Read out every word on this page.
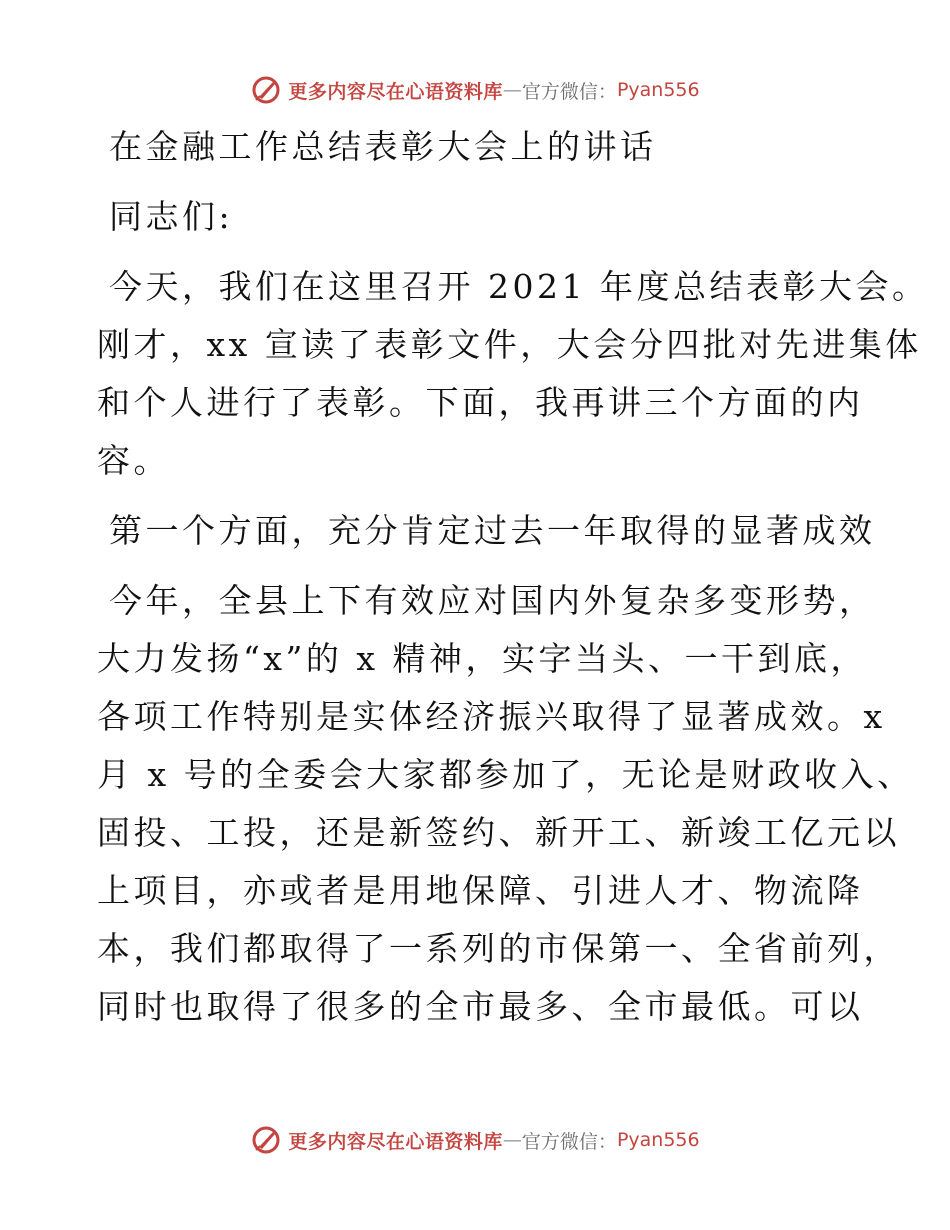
更多内容尽在心语资料库 — 官方微信： Pyan556
在金融工作总结表彰大会上的讲话
同志们:
今天，我们在这里召开 2021 年度总结表彰大会。
刚才，xx 宣读了表彰文件，大会分四批对先进集体
和个人进行了表彰。下面，我再讲三个方面的内
容。
第一个方面，充分肯定过去一年取得的显著成效
今年，全县上下有效应对国内外复杂多变形势，
大力发扬“x”的 x 精神，实字当头、一干到底，
各项工作特别是实体经济振兴取得了显著成效。x
月 x 号的全委会大家都参加了，无论是财政收入、
固投、工投，还是新签约、新开工、新竣工亿元以
上项目，亦或者是用地保障、引进人才、物流降
本，我们都取得了一系列的市保第一、全省前列，
同时也取得了很多的全市最多、全市最低。可以
更多内容尽在心语资料库 — 官方微信： Pyan556
